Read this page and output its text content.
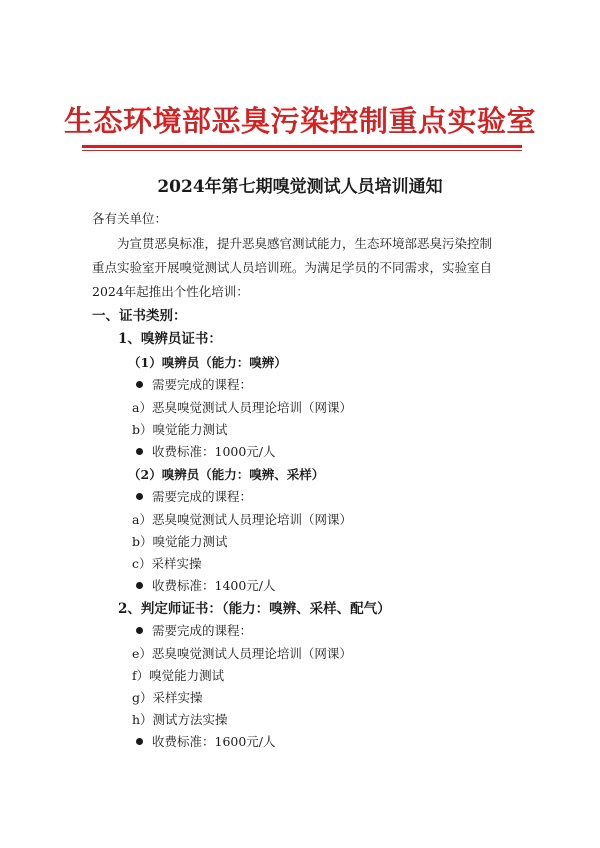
生态环境部恶臭污染控制重点实验室
2024年第七期嗅觉测试人员培训通知
各有关单位：
为宣贯恶臭标准，提升恶臭感官测试能力，生态环境部恶臭污染控制
重点实验室开展嗅觉测试人员培训班。为满足学员的不同需求，实验室自
2024年起推出个性化培训：
一、证书类别：
1、嗅辨员证书：
（1）嗅辨员（能力：嗅辨）
需要完成的课程：
a）恶臭嗅觉测试人员理论培训（网课）
b）嗅觉能力测试
收费标准：1000元/人
（2）嗅辨员（能力：嗅辨、采样）
需要完成的课程：
a）恶臭嗅觉测试人员理论培训（网课）
b）嗅觉能力测试
c）采样实操
收费标准：1400元/人
2、判定师证书：（能力：嗅辨、采样、配气）
需要完成的课程：
e）恶臭嗅觉测试人员理论培训（网课）
f）嗅觉能力测试
g）采样实操
h）测试方法实操
收费标准：1600元/人
